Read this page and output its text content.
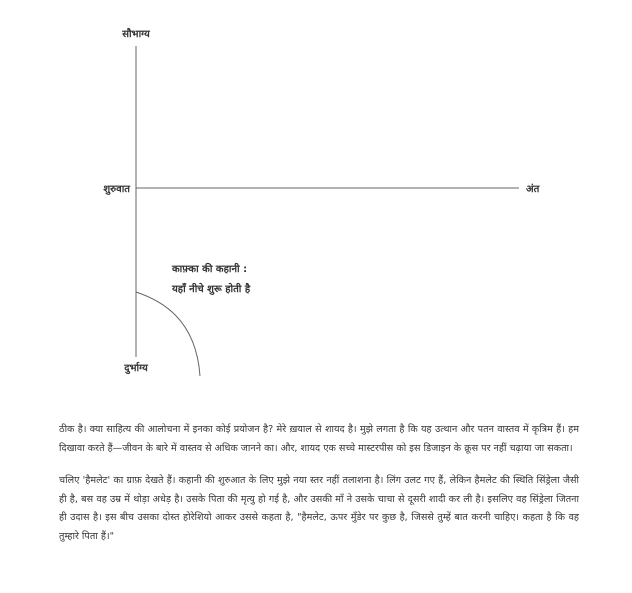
सौभाग्य
शुरुवात	अंत
दुर्भाग्य
काफ़्का की कहानी :
यहाँ नीचे शुरू होती है

ठीक है। क्या साहित्य की आलोचना में इनका कोई प्रयोजन है? मेरे ख़याल से शायद है। मुझे लगता है कि यह उत्थान और पतन वास्तव में कृत्रिम हैं। हम दिखावा करते हैं—जीवन के बारे में वास्तव से अधिक जानने का। और, शायद एक सच्चे मास्टरपीस को इस डिजाइन के क्रूस पर नहीं चढ़ाया जा सकता।

चलिए 'हैमलेट' का ग्राफ़ देखते हैं। कहानी की शुरुआत के लिए मुझे नया स्तर नहीं तलाशना है। लिंग उलट गए हैं, लेकिन हैमलेट की स्थिति सिंड्रेला जैसी ही है, बस वह उम्र में थोड़ा अधेड़ है। उसके पिता की मृत्यु हो गई है, और उसकी माँ ने उसके चाचा से दूसरी शादी कर ली है। इसलिए वह सिंड्रेला जितना ही उदास है। इस बीच उसका दोस्त होरेशियो आकर उससे कहता है, "हैमलेट, ऊपर मुँडेर पर कुछ है, जिससे तुम्हें बात करनी चाहिए। कहता है कि वह तुम्हारे पिता हैं।"
